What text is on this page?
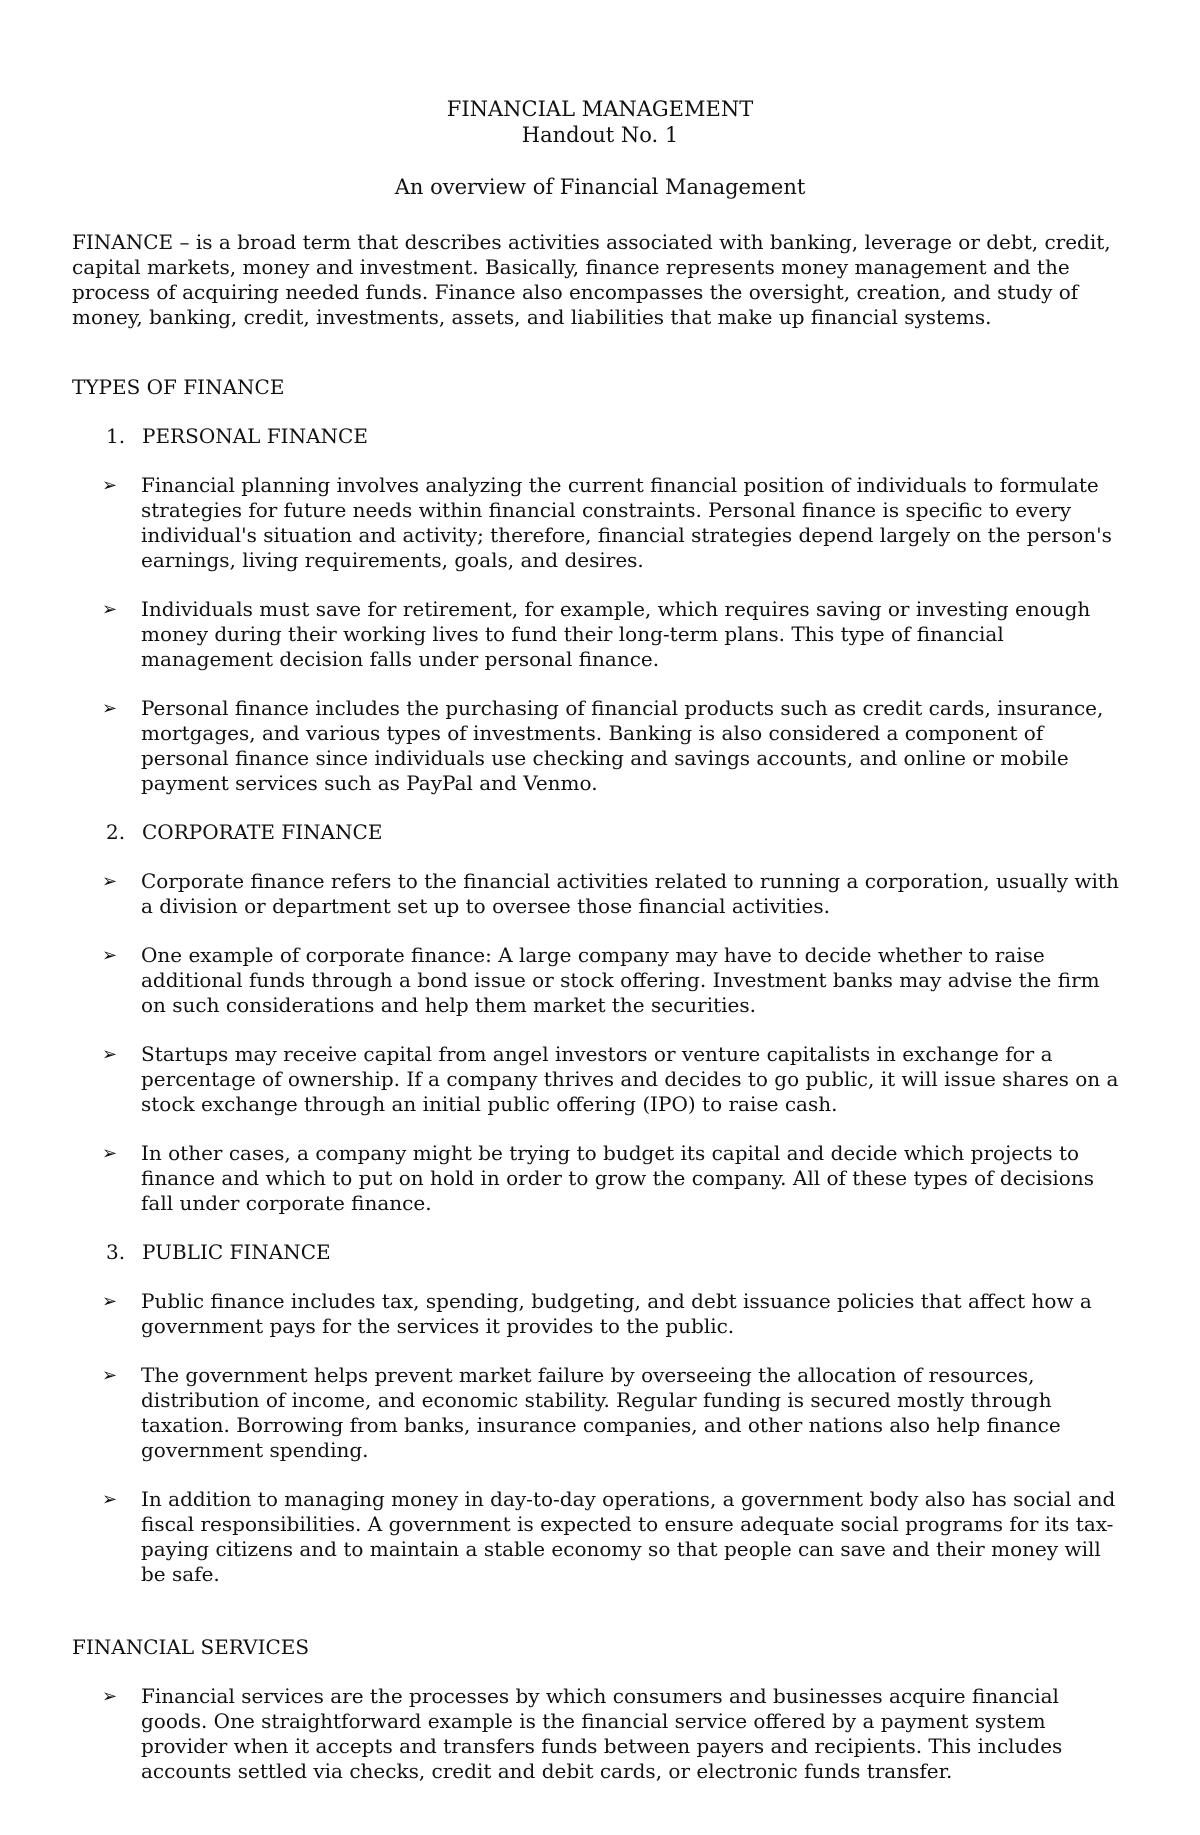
FINANCIAL MANAGEMENT
Handout No. 1
An overview of Financial Management

FINANCE – is a broad term that describes activities associated with banking, leverage or debt, credit, capital markets, money and investment. Basically, finance represents money management and the process of acquiring needed funds. Finance also encompasses the oversight, creation, and study of money, banking, credit, investments, assets, and liabilities that make up financial systems.

TYPES OF FINANCE
1. PERSONAL FINANCE
➢	Financial planning involves analyzing the current financial position of individuals to formulate strategies for future needs within financial constraints. Personal finance is specific to every individual's situation and activity; therefore, financial strategies depend largely on the person's earnings, living requirements, goals, and desires.
➢	Individuals must save for retirement, for example, which requires saving or investing enough money during their working lives to fund their long-term plans. This type of financial management decision falls under personal finance.
➢	Personal finance includes the purchasing of financial products such as credit cards, insurance, mortgages, and various types of investments. Banking is also considered a component of personal finance since individuals use checking and savings accounts, and online or mobile payment services such as PayPal and Venmo.
2. CORPORATE FINANCE
➢	Corporate finance refers to the financial activities related to running a corporation, usually with a division or department set up to oversee those financial activities.
➢	One example of corporate finance: A large company may have to decide whether to raise additional funds through a bond issue or stock offering. Investment banks may advise the firm on such considerations and help them market the securities.
➢	Startups may receive capital from angel investors or venture capitalists in exchange for a percentage of ownership. If a company thrives and decides to go public, it will issue shares on a stock exchange through an initial public offering (IPO) to raise cash.
➢	In other cases, a company might be trying to budget its capital and decide which projects to finance and which to put on hold in order to grow the company. All of these types of decisions fall under corporate finance.
3. PUBLIC FINANCE
➢	Public finance includes tax, spending, budgeting, and debt issuance policies that affect how a government pays for the services it provides to the public.
➢	The government helps prevent market failure by overseeing the allocation of resources, distribution of income, and economic stability. Regular funding is secured mostly through taxation. Borrowing from banks, insurance companies, and other nations also help finance government spending.
➢	In addition to managing money in day-to-day operations, a government body also has social and fiscal responsibilities. A government is expected to ensure adequate social programs for its tax-paying citizens and to maintain a stable economy so that people can save and their money will be safe.
FINANCIAL SERVICES
➢	Financial services are the processes by which consumers and businesses acquire financial goods. One straightforward example is the financial service offered by a payment system provider when it accepts and transfers funds between payers and recipients. This includes accounts settled via checks, credit and debit cards, or electronic funds transfer.
